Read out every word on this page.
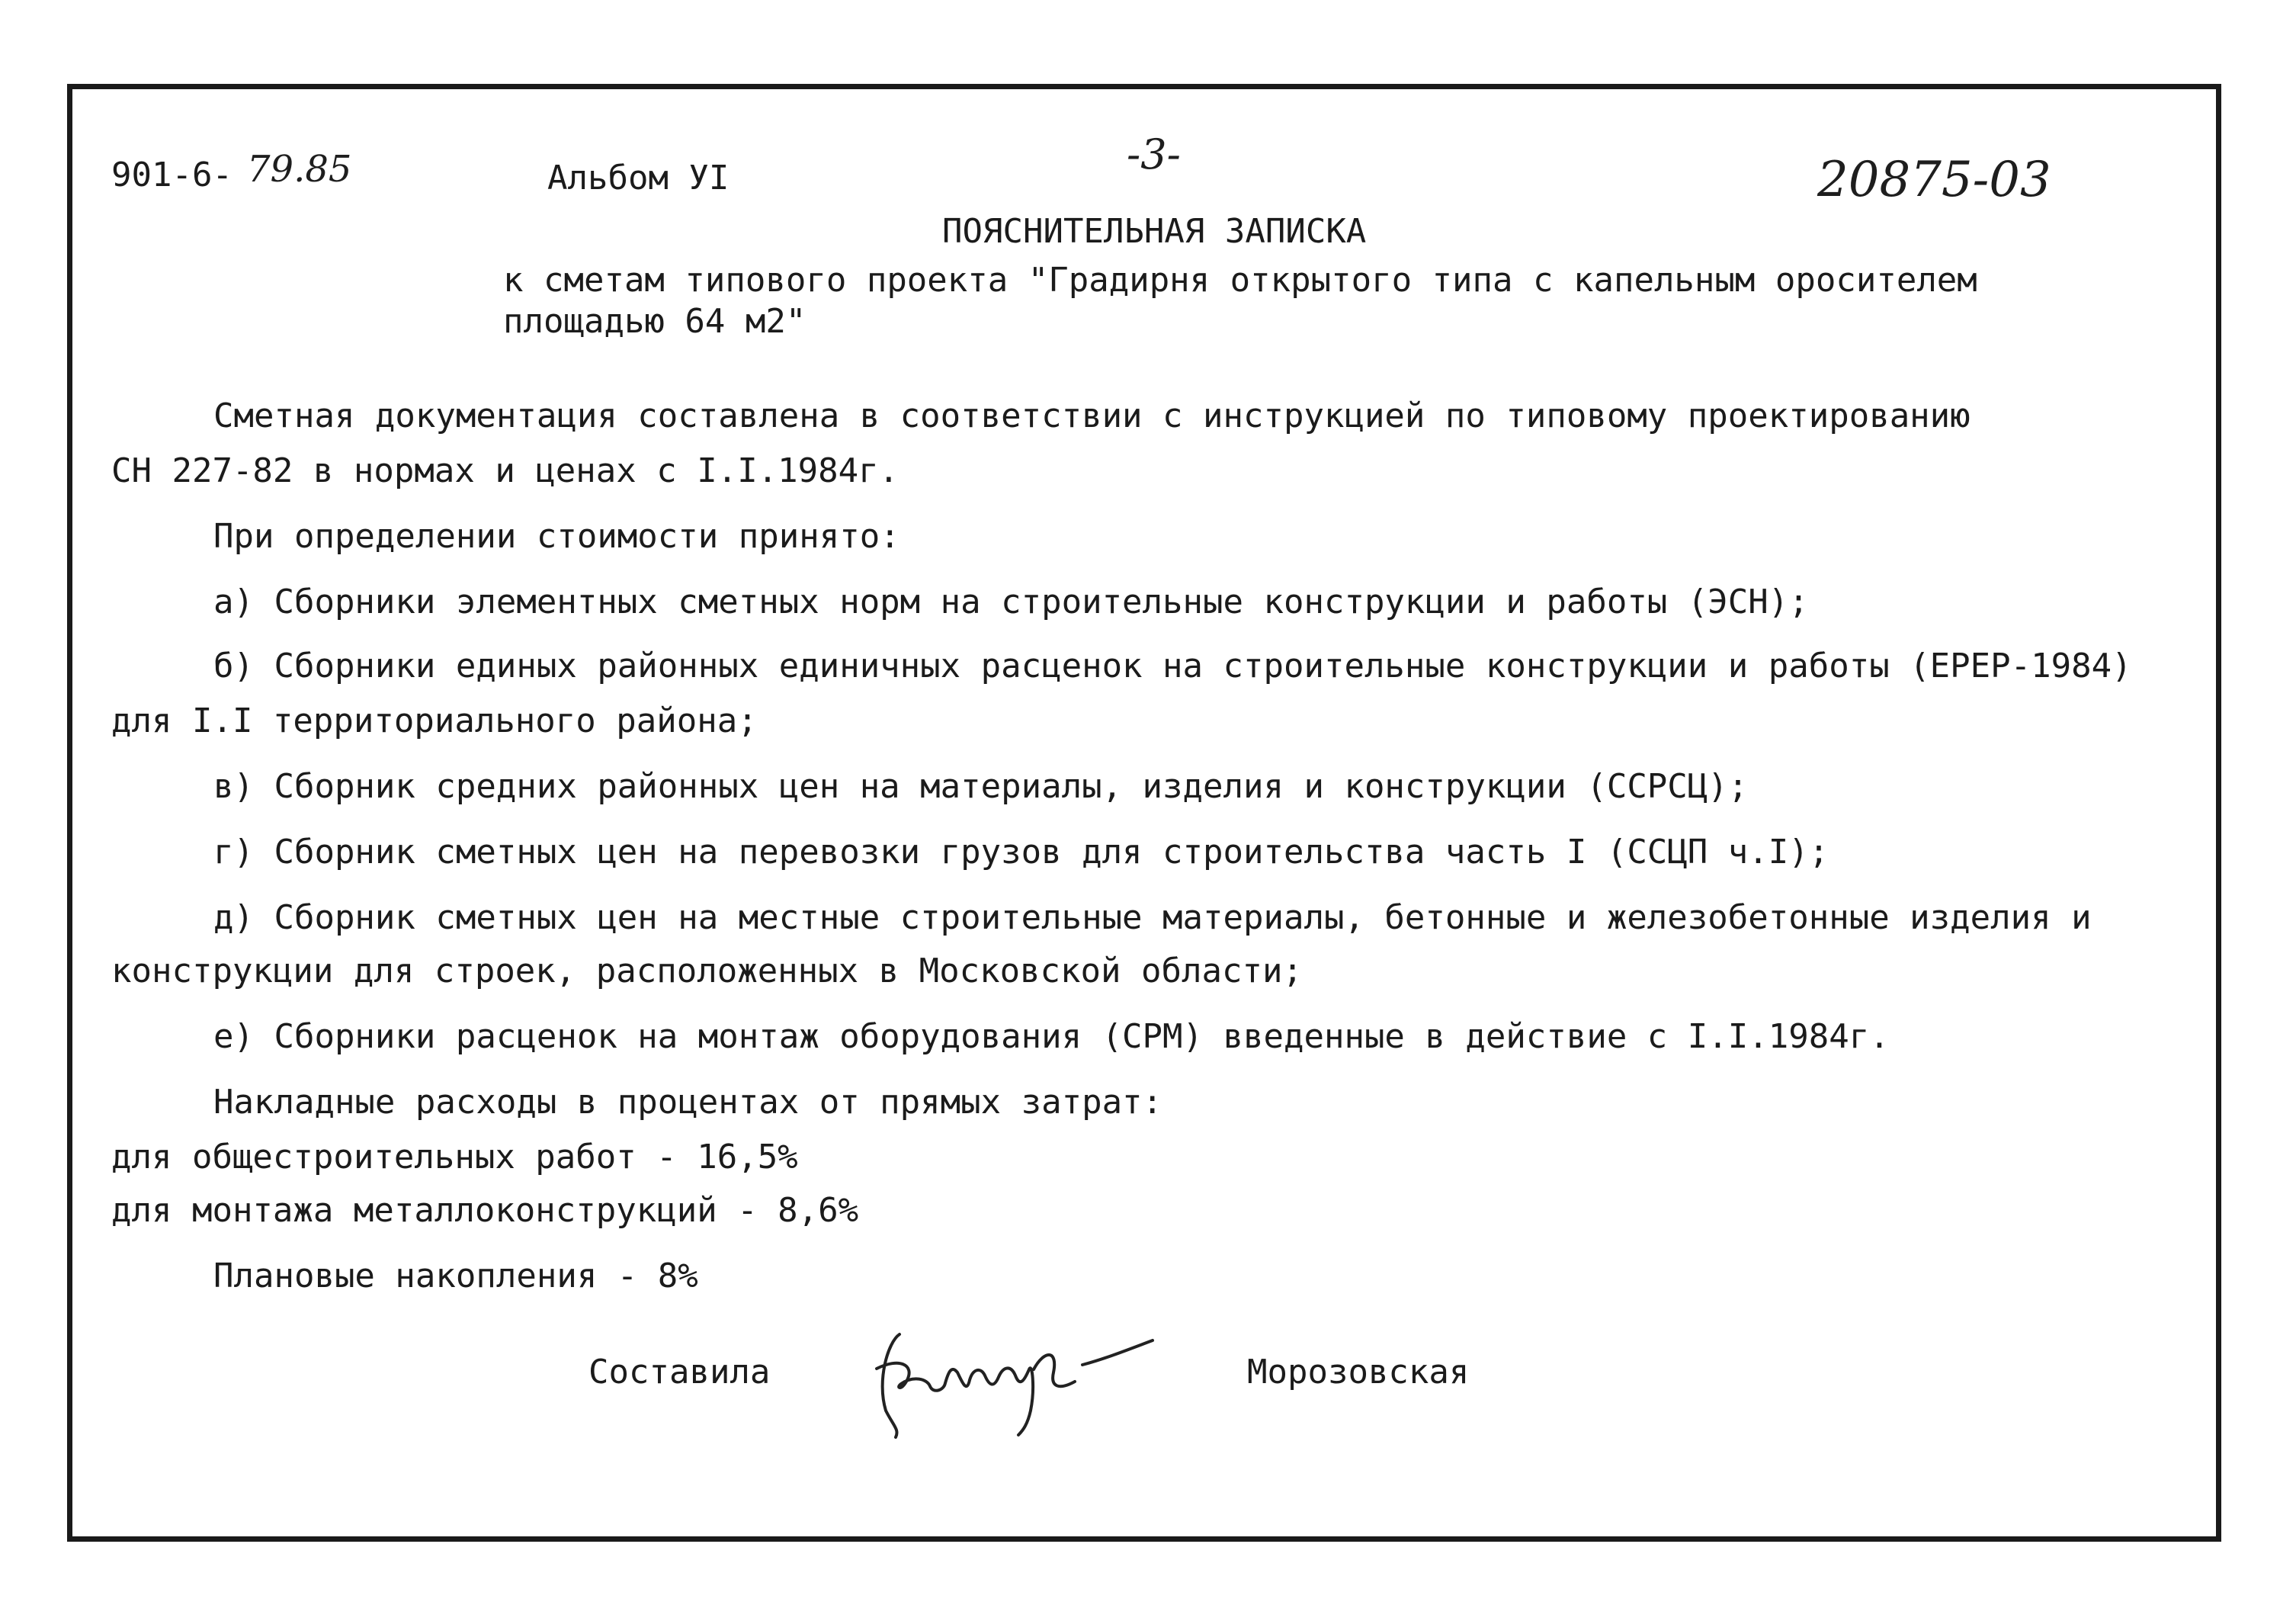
901-6- 79.85	Альбом УI	-3-	20875-03
ПОЯСНИТЕЛЬНАЯ ЗАПИСКА
к сметам типового проекта "Градирня открытого типа с капельным оросителем
площадью 64 м2"
Сметная документация составлена в соответствии с инструкцией по типовому проектированию
СН 227-82 в нормах и ценах с I.I.1984г.
При определении стоимости принято:
а) Сборники элементных сметных норм на строительные конструкции и работы (ЭСН);
б) Сборники единых районных единичных расценок на строительные конструкции и работы (ЕРЕР-1984)
для I.I территориального района;
в) Сборник средних районных цен на материалы, изделия и конструкции (ССРСЦ);
г) Сборник сметных цен на перевозки грузов для строительства часть I (ССЦП ч.I);
д) Сборник сметных цен на местные строительные материалы, бетонные и железобетонные изделия и
конструкции для строек, расположенных в Московской области;
е) Сборники расценок на монтаж оборудования (СРМ) введенные в действие с I.I.1984г.
Накладные расходы в процентах от прямых затрат:
для общестроительных работ - 16,5%
для монтажа металлоконструкций - 8,6%
Плановые накопления - 8%
Составила	Морозовская
